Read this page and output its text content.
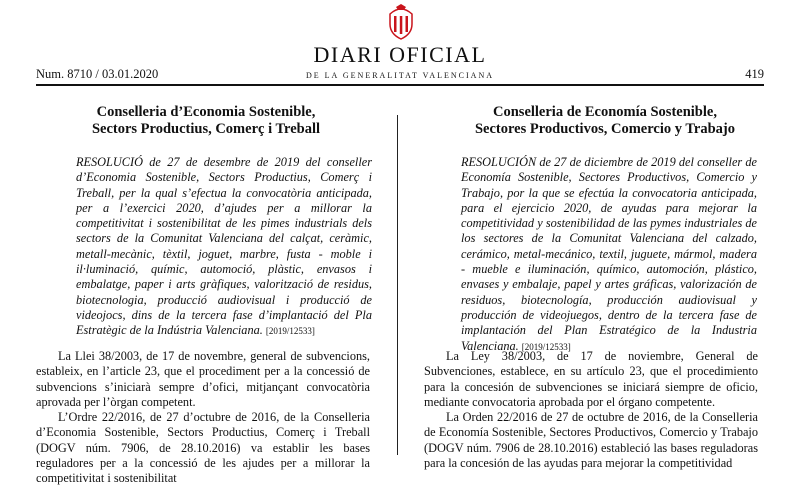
Num. 8710 / 03.01.2020
DIARI OFICIAL
DE LA GENERALITAT VALENCIANA	419
Conselleria d’Economia Sostenible,
Sectors Productius, Comerç i Treball

RESOLUCIÓ de 27 de desembre de 2019 del conseller d’Economia Sostenible, Sectors Productius, Comerç i Treball, per la qual s’efectua la convocatòria anticipada, per a l’exercici 2020, d’ajudes per a millorar la competitivitat i sostenibilitat de les pimes industrials dels sectors de la Comunitat Valenciana del calçat, ceràmic, metall-mecànic, tèxtil, joguet, marbre, fusta - moble i il·luminació, químic, automoció, plàstic, envasos i embalatge, paper i arts gràfiques, valorització de residus, biotecnologia, producció audiovisual i producció de videojocs, dins de la tercera fase d’implantació del Pla Estratègic de la Indústria Valenciana. [2019/12533]

La Llei 38/2003, de 17 de novembre, general de subvencions, estableix, en l’article 23, que el procediment per a la concessió de subvencions s’iniciarà sempre d’ofici, mitjançant convocatòria aprovada per l’òrgan competent.

L’Ordre 22/2016, de 27 d’octubre de 2016, de la Conselleria d’Economia Sostenible, Sectors Productius, Comerç i Treball (DOGV núm. 7906, de 28.10.2016) va establir les bases reguladores per a la concessió de les ajudes per a millorar la competitivitat i sostenibilitat

Conselleria de Economía Sostenible,
Sectores Productivos, Comercio y Trabajo

RESOLUCIÓN de 27 de diciembre de 2019 del conseller de Economía Sostenible, Sectores Productivos, Comercio y Trabajo, por la que se efectúa la convocatoria anticipada, para el ejercicio 2020, de ayudas para mejorar la competitividad y sostenibilidad de las pymes industriales de los sectores de la Comunitat Valenciana del calzado, cerámico, metal-mecánico, textil, juguete, mármol, madera - mueble e iluminación, químico, automoción, plástico, envases y embalaje, papel y artes gráficas, valorización de residuos, biotecnología, producción audiovisual y producción de videojuegos, dentro de la tercera fase de implantación del Plan Estratégico de la Industria Valenciana. [2019/12533]

La Ley 38/2003, de 17 de noviembre, General de Subvenciones, establece, en su artículo 23, que el procedimiento para la concesión de subvenciones se iniciará siempre de oficio, mediante convocatoria aprobada por el órgano competente.

La Orden 22/2016 de 27 de octubre de 2016, de la Conselleria de Economía Sostenible, Sectores Productivos, Comercio y Trabajo (DOGV núm. 7906 de 28.10.2016) estableció las bases reguladoras para la concesión de las ayudas para mejorar la competitividad
